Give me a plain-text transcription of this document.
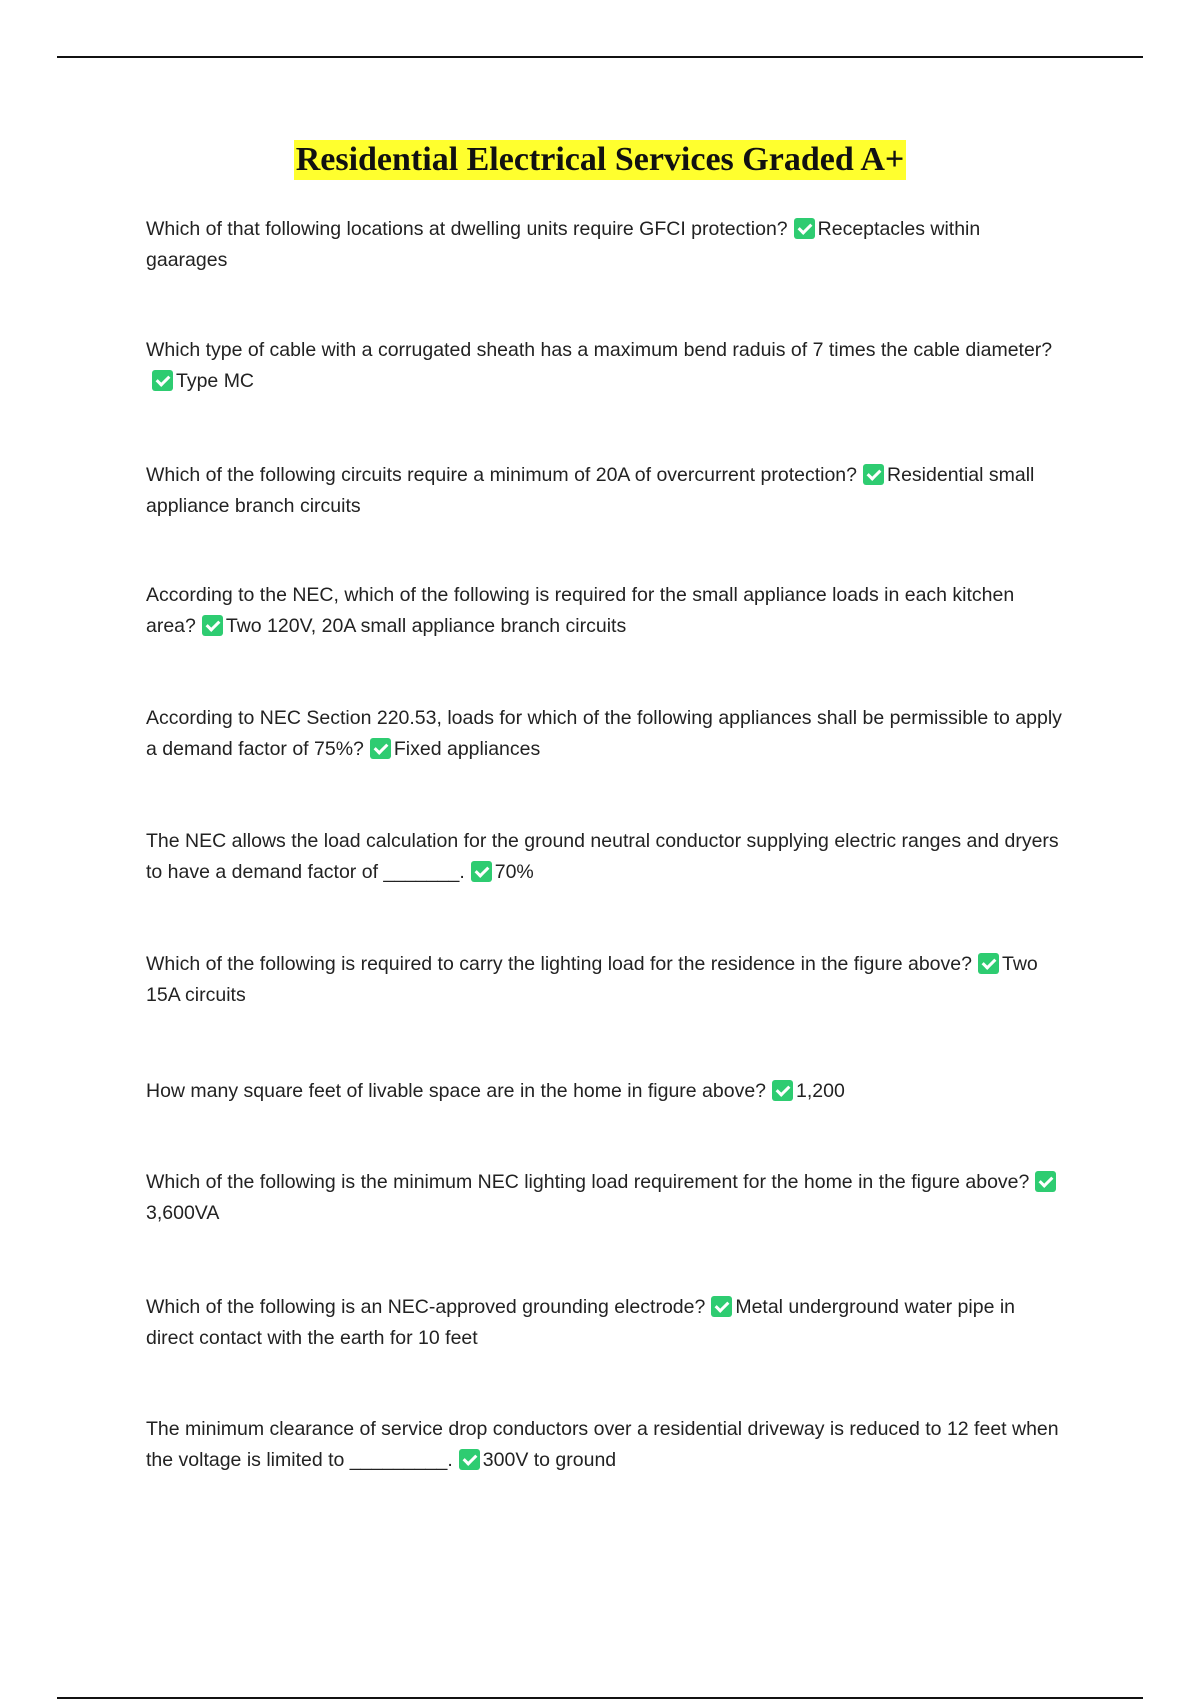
Residential Electrical Services Graded A+
Which of that following locations at dwelling units require GFCI protection? Receptacles within gaarages
Which type of cable with a corrugated sheath has a maximum bend raduis of 7 times the cable diameter?Type MC
Which of the following circuits require a minimum of 20A of overcurrent protection? Residential small appliance branch circuits
According to the NEC, which of the following is required for the small appliance loads in each kitchen area? Two 120V, 20A small appliance branch circuits
According to NEC Section 220.53, loads for which of the following appliances shall be permissible to apply a demand factor of 75%? Fixed appliances
The NEC allows the load calculation for the ground neutral conductor supplying electric ranges and dryers to have a demand factor of _______. 70%
Which of the following is required to carry the lighting load for the residence in the figure above? Two 15A circuits
How many square feet of livable space are in the home in figure above? 1,200
Which of the following is the minimum NEC lighting load requirement for the home in the figure above?3,600VA
Which of the following is an NEC-approved grounding electrode? Metal underground water pipe in direct contact with the earth for 10 feet
The minimum clearance of service drop conductors over a residential driveway is reduced to 12 feet when the voltage is limited to _________. 300V to ground
